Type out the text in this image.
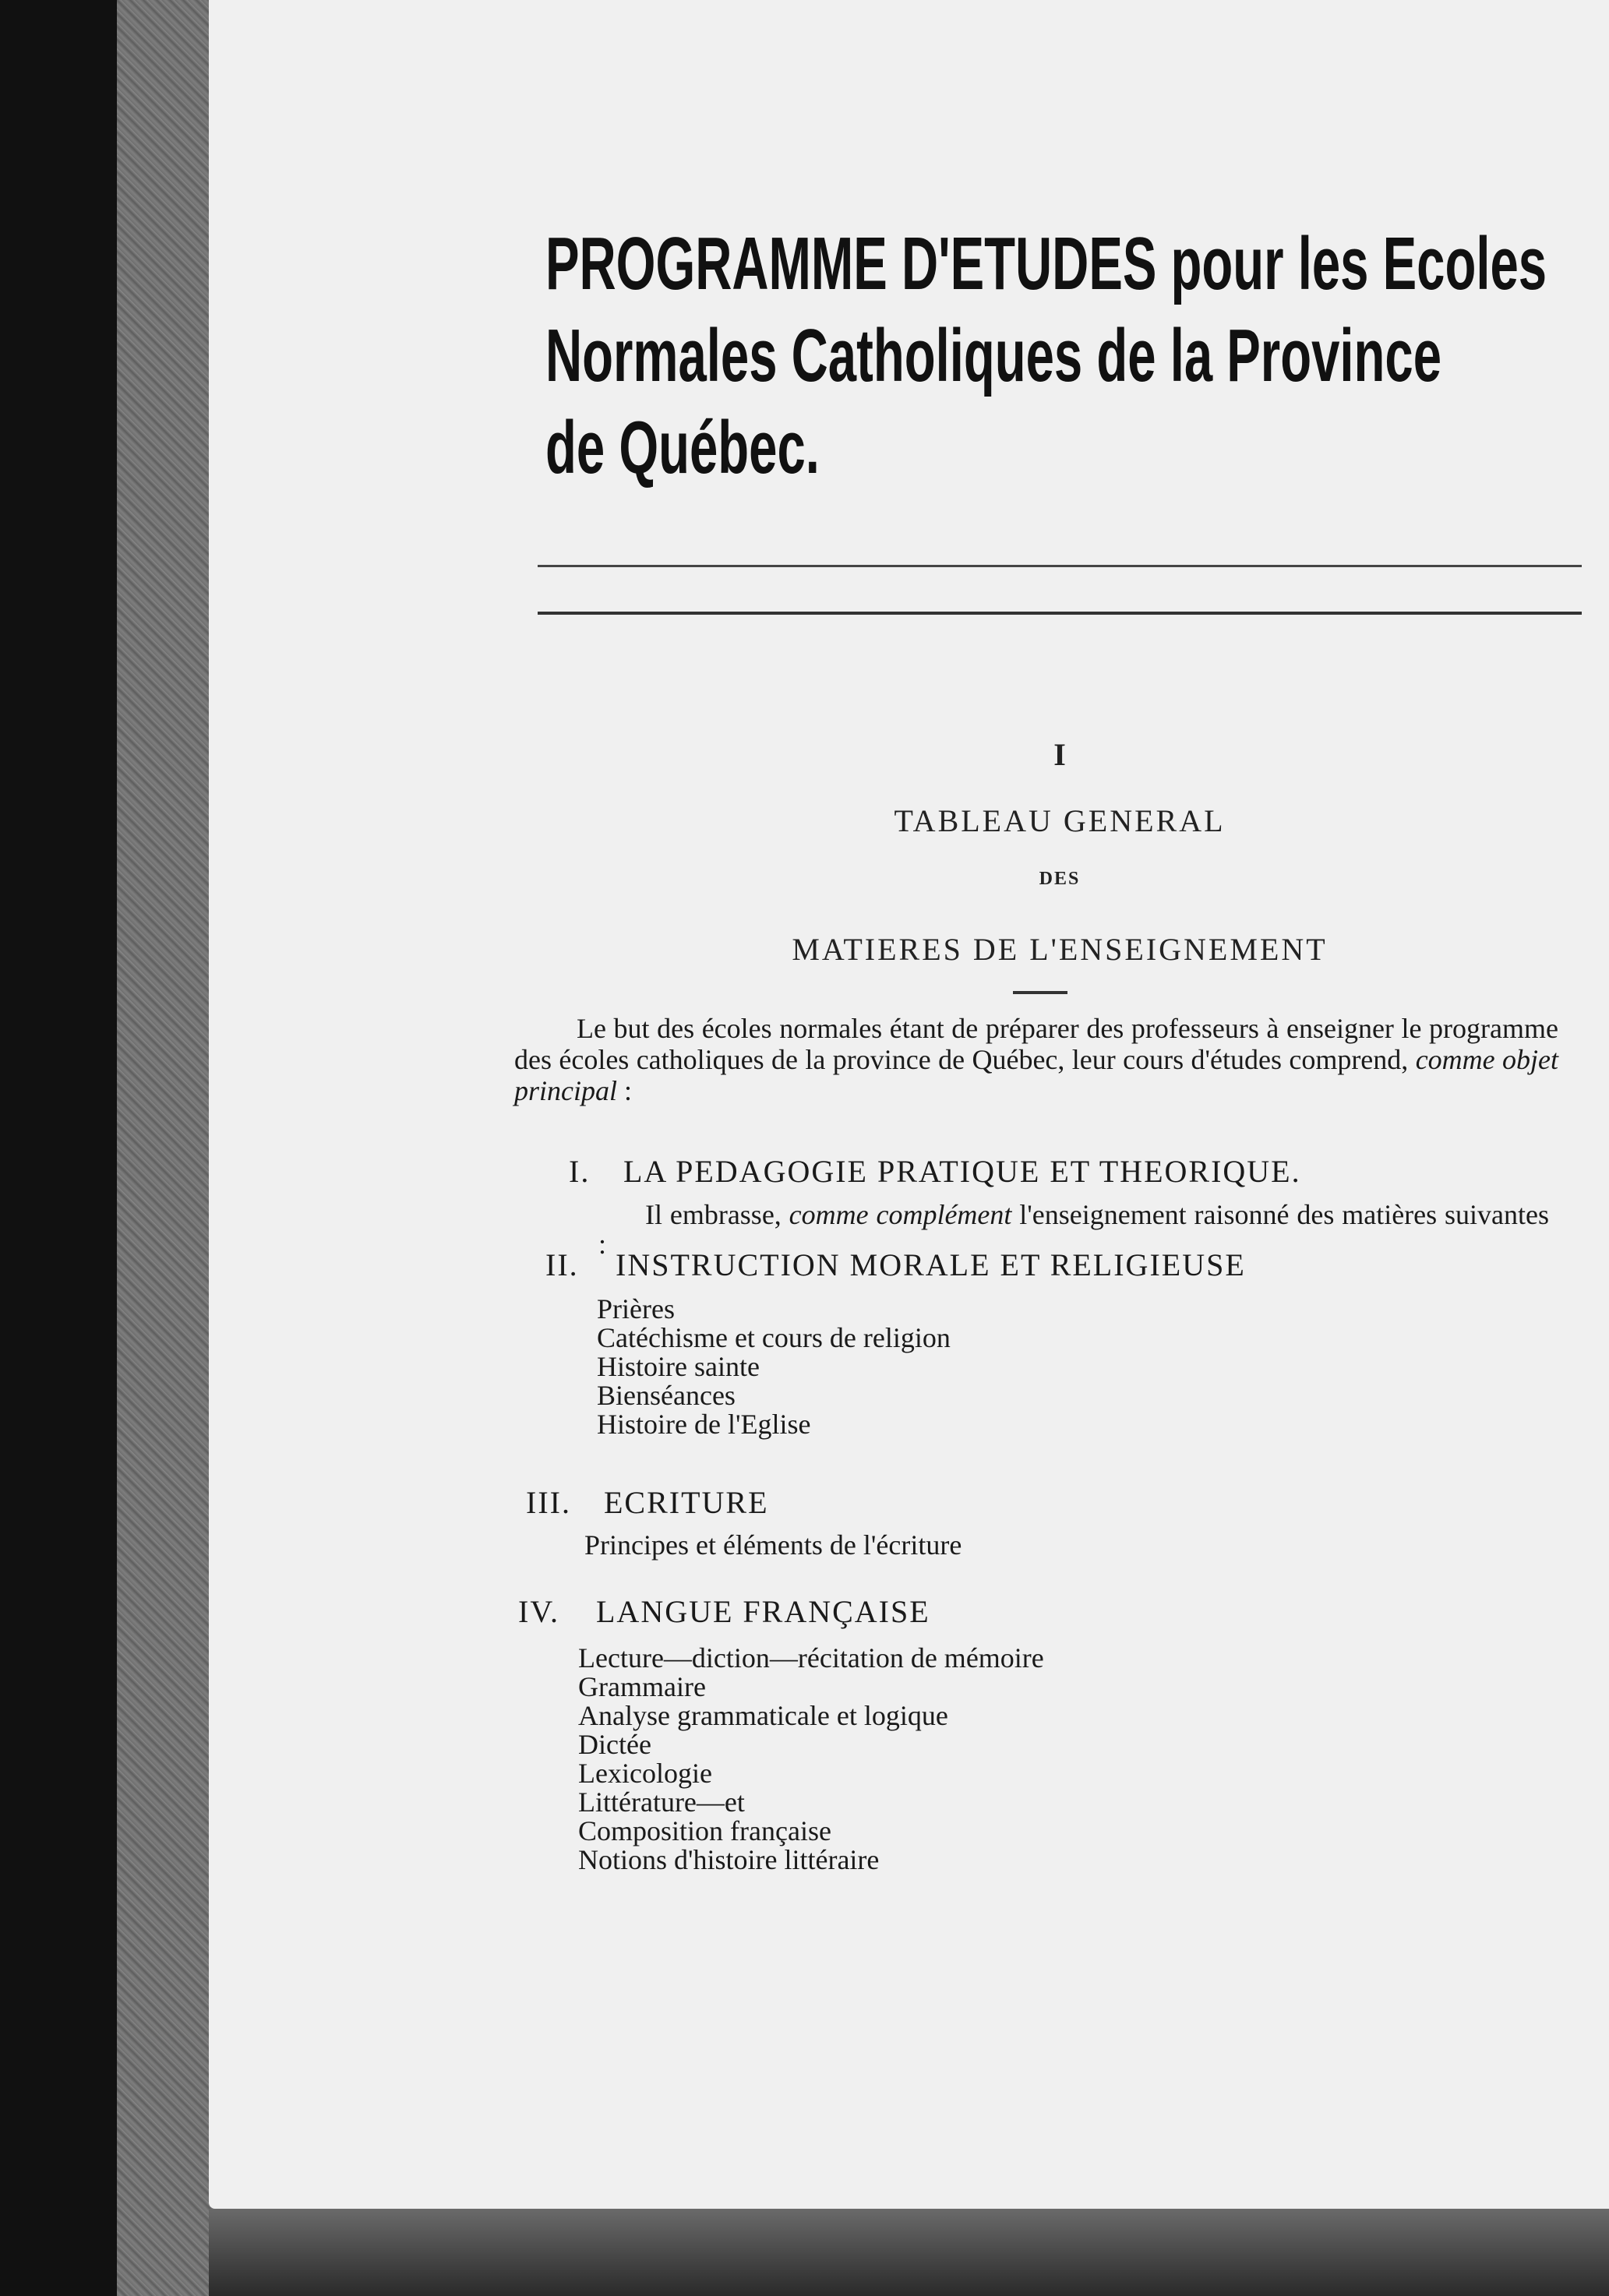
PROGRAMME D'ETUDES pour les Ecoles
Normales Catholiques de la Province
de Québec.
I
TABLEAU GENERAL
DES
MATIERES DE L'ENSEIGNEMENT

Le but des écoles normales étant de préparer des professeurs à enseigner le programme des écoles catholiques de la province de Québec, leur cours d'études comprend, comme objet principal :

I. LA PEDAGOGIE PRATIQUE ET THEORIQUE.

Il embrasse, comme complément l'enseignement raisonné des matières suivantes :

II. INSTRUCTION MORALE ET RELIGIEUSE
Prières
Catéchisme et cours de religion
Histoire sainte
Bienséances
Histoire de l'Eglise
III. ECRITURE
Principes et éléments de l'écriture
IV. LANGUE FRANÇAISE
Lecture—diction—récitation de mémoire
Grammaire
Analyse grammaticale et logique
Dictée
Lexicologie
Littérature—et
Composition française
Notions d'histoire littéraire
